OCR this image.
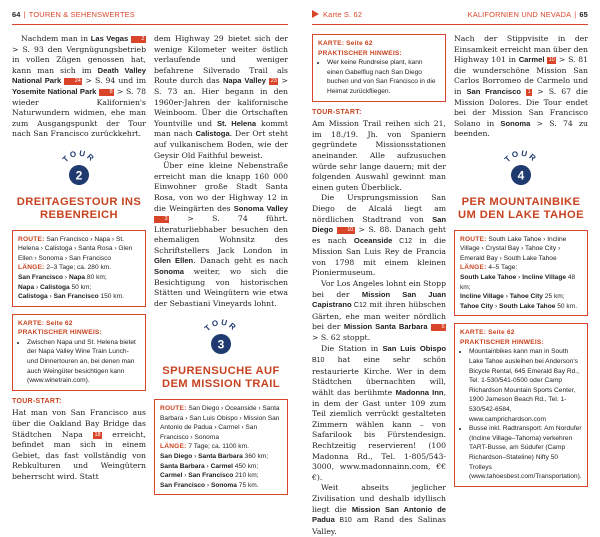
64 | TOUREN & SEHENSWERTES	Karte S. 62	KALIFORNIEN UND NEVADA | 65

Nachdem man in Las Vegas 2 > S. 93 den Vergnügungsbetrieb in vollen Zügen genossen hat, kann man sich im Death Valley National Park 24 > S. 94 und im Yosemite National Park 8 > S. 78 wieder Kalifornien's Naturwundern widmen, ehe man zum Ausgangspunkt der Tour nach San Francisco zurückkehrt.

TOUR
2
DREITAGESTOUR INS REBENREICH
ROUTE: San Francisco › Napa › St. Helena › Calistoga › Santa Rosa › Glen Ellen › Sonoma › San Francisco
LÄNGE: 2–3 Tage; ca. 280 km.
San Francisco › Napa 80 km;
Napa › Calistoga 50 km;
Calistoga › San Francisco 150 km.
KARTE: Seite 62
PRAKTISCHER HINWEIS:
• Zwischen Napa und St. Helena bietet der Napa Valley Wine Train Lunch- und Dinnertouren an, bei denen man auch Weingüter besichtigen kann (www.winetrain.com).
TOUR-START:

Hat man von San Francisco aus über die Oakland Bay Bridge das Städtchen Napa 18 erreicht, befindet man sich in einem Gebiet, das fast vollständig von Rebkulturen und Weingütern beherrscht wird. Statt

dem Highway 29 bietet sich der wenige Kilometer weiter östlich verlaufende und weniger befahrene Silverado Trail als Route durch das Napa Valley 23 > S. 73 an. Hier begann in den 1960er-Jahren der kalifornische Weinboom. Über die Ortschaften Yountville und St. Helena kommt man nach Calistoga. Der Ort steht auf vulkanischem Boden, wie der Geysir Old Faithful beweist.

Über eine kleine Nebenstraße erreicht man die knapp 160 000 Einwohner große Stadt Santa Rosa, von wo der Highway 12 in die Weingärten des Sonoma Valley 3 > S. 74 führt. Literaturliebhaber besuchen den ehemaligen Wohnsitz des Schriftstellers Jack London in Glen Ellen. Danach geht es nach Sonoma weiter, wo sich die Besichtigung von historischen Stätten und Weingütern wie etwa der Sebastiani Vineyards lohnt.

TOUR
3
SPURENSUCHE AUF DEM MISSION TRAIL
ROUTE: San Diego › Oceanside › Santa Barbara › San Luis Obispo › Mission San Antonio de Padua › Carmel › San Francisco › Sonoma
LÄNGE: 7 Tage; ca. 1100 km.
San Diego › Santa Barbara 360 km;
Santa Barbara › Carmel 450 km;
Carmel › San Francisco 210 km;
San Francisco › Sonoma 75 km.
KARTE: Seite 62
PRAKTISCHER HINWEIS:
• Wer keine Rundreise plant, kann einen Gabelflug nach San Diego buchen und von San Francisco in die Heimat zurückfliegen.
TOUR-START:

Am Mission Trail reihen sich 21, im 18./19. Jh. von Spaniern gegründete Missionsstationen aneinander. Alle aufzusuchen würde sehr lange dauern; mit der folgenden Auswahl gewinnt man einen guten Überblick.

Die Ursprungsmission San Diego de Alcalá liegt am nördlichen Stadtrand von San Diego	10 > S. 88. Danach geht es nach Oceanside C12 in die Mission San Luis Rey de Francia von 1798 mit einem kleinen Pioniermuseum.

Vor Los Angeles lohnt ein Stopp bei der Mission San Juan Capistrano C12 mit ihren hübschen Gärten, ehe man weiter nördlich bei der Mission Santa Barbara	5 > S. 62 stoppt.

Die Station in San Luis Obispo B10 hat eine sehr schön restaurierte Kirche. Wer in dem Städtchen übernachten will, wählt das berühmte Madonna Inn, in dem der Gast unter 109 zum Teil ziemlich verrückt gestalteten Zimmern wählen kann – von Safarilook bis Fürstendesign. Rechtzeitig reservieren! (100 Madonna Rd., Tel. 1-805/543-3000, www.madonnainn.com, €€€).

Weit abseits jeglicher Zivilisation und deshalb idyllisch liegt die Mission San Antonio de Padua B10 am Rand des Salinas Valley.

Nach der Stippvisite in der Einsamkeit erreicht man über den Highway 101 in Carmel 10 > S. 81 die wunderschöne Mission San Carlos Borromeo de Carmelo und in San Francisco 1 > S. 67 die Mission Dolores. Die Tour endet bei der Mission San Francisco Solano in Sonoma > S. 74 zu beenden.

TOUR
4
PER MOUNTAINBIKE UM DEN LAKE TAHOE
ROUTE: South Lake Tahoe › Incline Village › Crystal Bay › Tahoe City › Emerald Bay › South Lake Tahoe
LÄNGE: 4–5 Tage:
South Lake Tahoe › Incline Village 48 km;
Incline Village › Tahoe City 25 km;
Tahoe City › South Lake Tahoe 50 km.
KARTE: Seite 62
PRAKTISCHER HINWEIS:
• Mountainbikes kann man in South Lake Tahoe ausleihen bei Anderson's Bicycle Rental, 645 Emerald Bay Rd., Tel. 1-530/541-0500 oder Camp Richardson Mountain Sports Center, 1900 Jameson Beach Rd., Tel. 1-530/542-6584, www.camprichardson.com
• Busse inkl. Radtransport: Am Nordufer (Incline Village–Tahoma) verkehren TART-Busse, am Südufer (Camp Richardson–Stateline) Nifty 50 Trolleys (www.tahoesbest.com/Transportation).
